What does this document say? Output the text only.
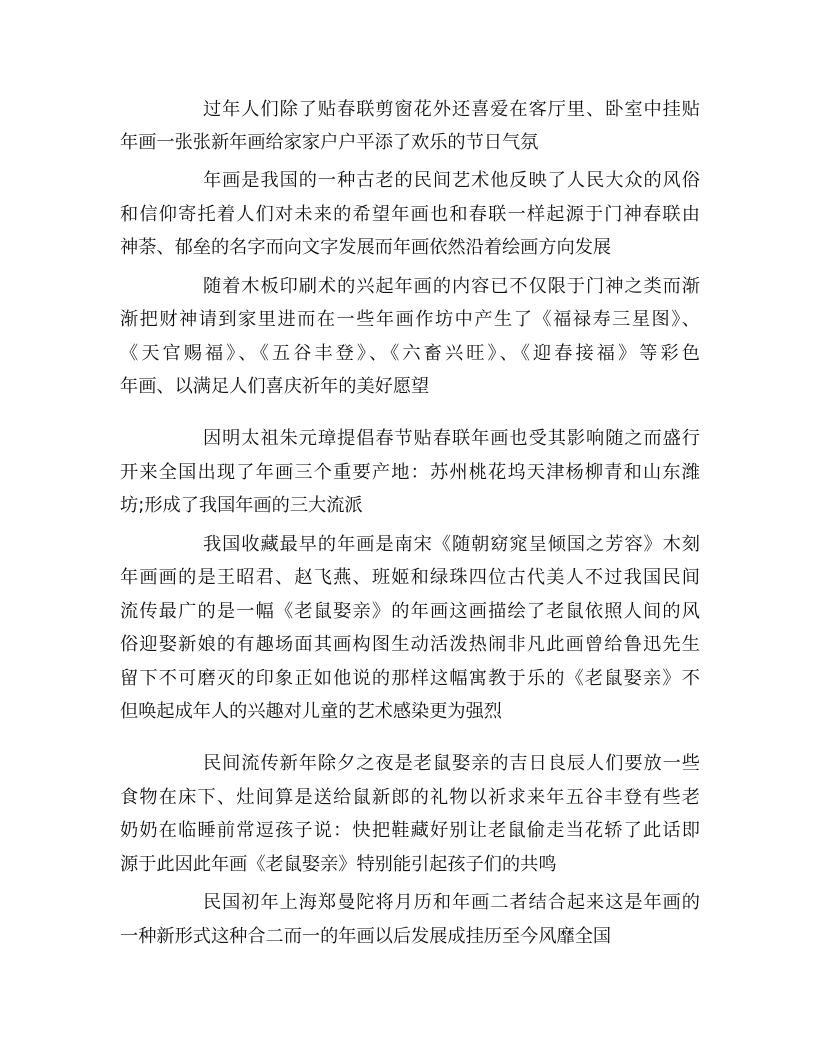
过年人们除了贴春联剪窗花外还喜爱在客厅里、卧室中挂贴
年画一张张新年画给家家户户平添了欢乐的节日气氛
年画是我国的一种古老的民间艺术他反映了人民大众的风俗
和信仰寄托着人们对未来的希望年画也和春联一样起源于门神春联由
神荼、郁垒的名字而向文字发展而年画依然沿着绘画方向发展
随着木板印刷术的兴起年画的内容已不仅限于门神之类而渐
渐把财神请到家里进而在一些年画作坊中产生了《福禄寿三星图》、
《天官赐福》、《五谷丰登》、《六畜兴旺》、《迎春接福》等彩色
年画、以满足人们喜庆祈年的美好愿望
因明太祖朱元璋提倡春节贴春联年画也受其影响随之而盛行
开来全国出现了年画三个重要产地：苏州桃花坞天津杨柳青和山东潍
坊;形成了我国年画的三大流派
我国收藏最早的年画是南宋《随朝窈窕呈倾国之芳容》木刻
年画画的是王昭君、赵飞燕、班姬和绿珠四位古代美人不过我国民间
流传最广的是一幅《老鼠娶亲》的年画这画描绘了老鼠依照人间的风
俗迎娶新娘的有趣场面其画构图生动活泼热闹非凡此画曾给鲁迅先生
留下不可磨灭的印象正如他说的那样这幅寓教于乐的《老鼠娶亲》不
但唤起成年人的兴趣对儿童的艺术感染更为强烈
民间流传新年除夕之夜是老鼠娶亲的吉日良辰人们要放一些
食物在床下、灶间算是送给鼠新郎的礼物以祈求来年五谷丰登有些老
奶奶在临睡前常逗孩子说：快把鞋藏好别让老鼠偷走当花轿了此话即
源于此因此年画《老鼠娶亲》特别能引起孩子们的共鸣
民国初年上海郑曼陀将月历和年画二者结合起来这是年画的
一种新形式这种合二而一的年画以后发展成挂历至今风靡全国
